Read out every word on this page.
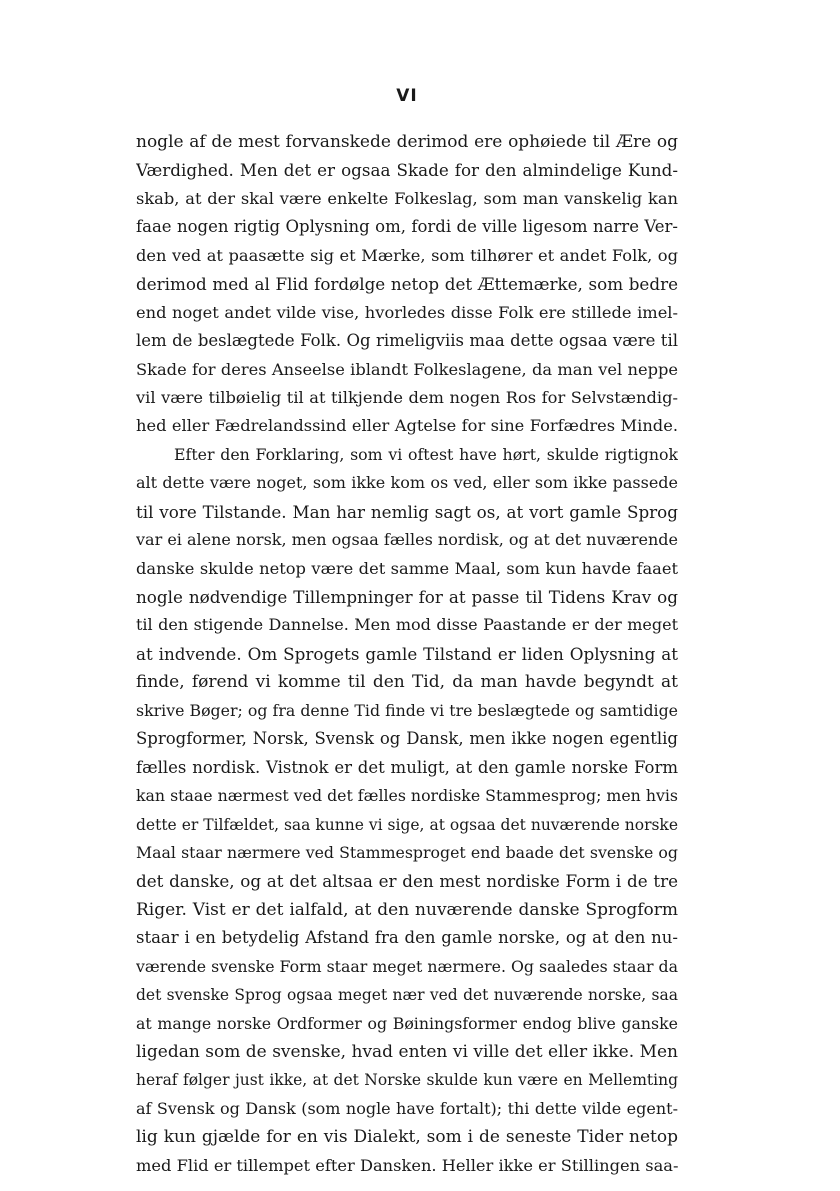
VI
nogle af de mest forvanskede derimod ere ophøiede til Ære og
Værdighed. Men det er ogsaa Skade for den almindelige Kund-
skab, at der skal være enkelte Folkeslag, som man vanskelig kan
faae nogen rigtig Oplysning om, fordi de ville ligesom narre Ver-
den ved at paasætte sig et Mærke, som tilhører et andet Folk, og
derimod med al Flid fordølge netop det Ættemærke, som bedre
end noget andet vilde vise, hvorledes disse Folk ere stillede imel-
lem de beslægtede Folk. Og rimeligviis maa dette ogsaa være til
Skade for deres Anseelse iblandt Folkeslagene, da man vel neppe
vil være tilbøielig til at tilkjende dem nogen Ros for Selvstændig-
hed eller Fædrelandssind eller Agtelse for sine Forfædres Minde.
Efter den Forklaring, som vi oftest have hørt, skulde rigtignok
alt dette være noget, som ikke kom os ved, eller som ikke passede
til vore Tilstande. Man har nemlig sagt os, at vort gamle Sprog
var ei alene norsk, men ogsaa fælles nordisk, og at det nuværende
danske skulde netop være det samme Maal, som kun havde faaet
nogle nødvendige Tillempninger for at passe til Tidens Krav og
til den stigende Dannelse. Men mod disse Paastande er der meget
at indvende. Om Sprogets gamle Tilstand er liden Oplysning at
finde, førend vi komme til den Tid, da man havde begyndt at
skrive Bøger; og fra denne Tid finde vi tre beslægtede og samtidige
Sprogformer, Norsk, Svensk og Dansk, men ikke nogen egentlig
fælles nordisk. Vistnok er det muligt, at den gamle norske Form
kan staae nærmest ved det fælles nordiske Stammesprog; men hvis
dette er Tilfældet, saa kunne vi sige, at ogsaa det nuværende norske
Maal staar nærmere ved Stammesproget end baade det svenske og
det danske, og at det altsaa er den mest nordiske Form i de tre
Riger. Vist er det ialfald, at den nuværende danske Sprogform
staar i en betydelig Afstand fra den gamle norske, og at den nu-
værende svenske Form staar meget nærmere. Og saaledes staar da
det svenske Sprog ogsaa meget nær ved det nuværende norske, saa
at mange norske Ordformer og Bøiningsformer endog blive ganske
ligedan som de svenske, hvad enten vi ville det eller ikke. Men
heraf følger just ikke, at det Norske skulde kun være en Mellemting
af Svensk og Dansk (som nogle have fortalt); thi dette vilde egent-
lig kun gjælde for en vis Dialekt, som i de seneste Tider netop
med Flid er tillempet efter Dansken. Heller ikke er Stillingen saa-
